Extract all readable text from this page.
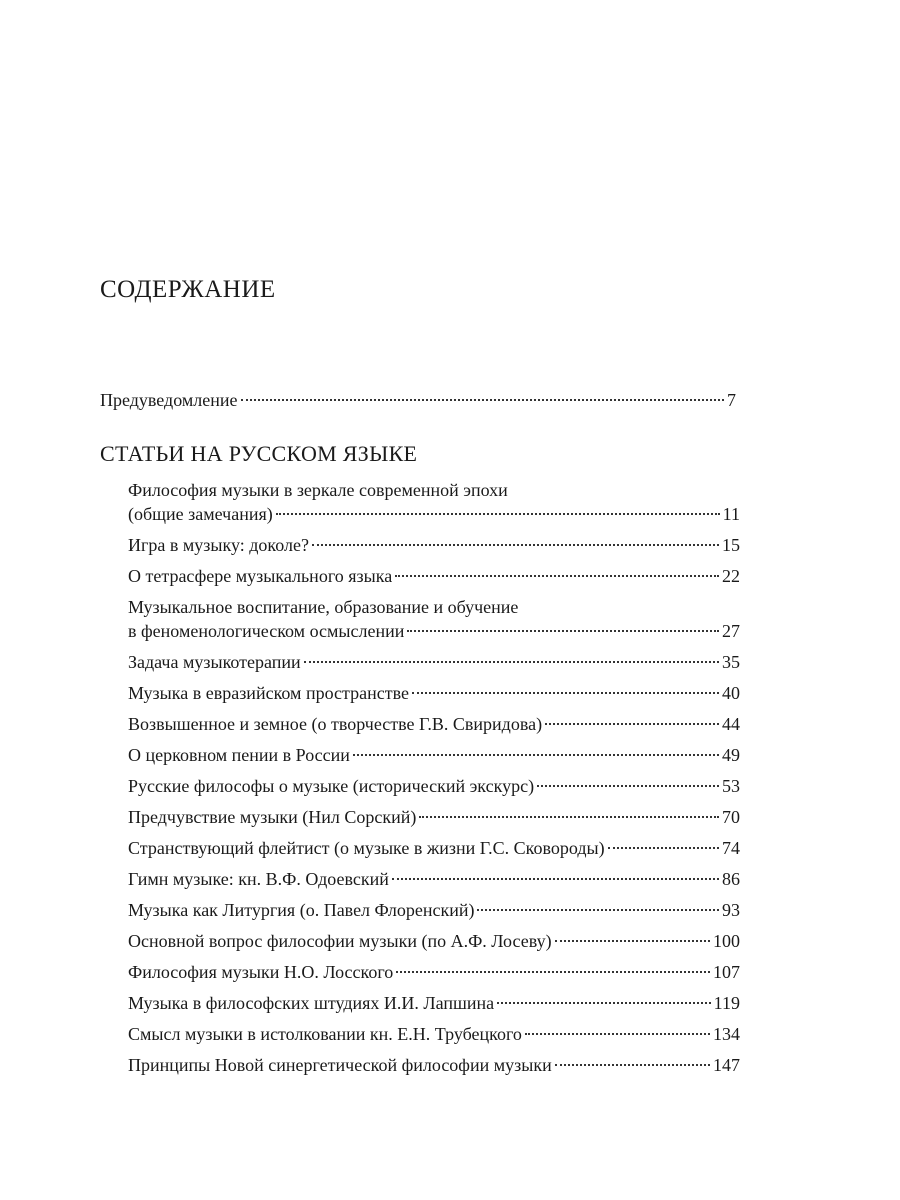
СОДЕРЖАНИЕ
Предуведомление	7
СТАТЬИ НА РУССКОМ ЯЗЫКЕ
Философия музыки в зеркале современной эпохи
(общие замечания)	11
Игра в музыку: доколе?	15
О тетрасфере музыкального языка	22
Музыкальное воспитание, образование и обучение
в феноменологическом осмыслении	27
Задача музыкотерапии	35
Музыка в евразийском пространстве	40
Возвышенное и земное (о творчестве Г.В. Свиридова)	44
О церковном пении в России	49
Русские философы о музыке (исторический экскурс)	53
Предчувствие музыки (Нил Сорский)	70
Странствующий флейтист (о музыке в жизни Г.С. Сковороды)	74
Гимн музыке: кн. В.Ф. Одоевский	86
Музыка как Литургия (о. Павел Флоренский)	93
Основной вопрос философии музыки (по А.Ф. Лосеву)	100
Философия музыки Н.О. Лосского	107
Музыка в философских штудиях И.И. Лапшина	119
Смысл музыки в истолковании кн. Е.Н. Трубецкого	134
Принципы Новой синергетической философии музыки	147
